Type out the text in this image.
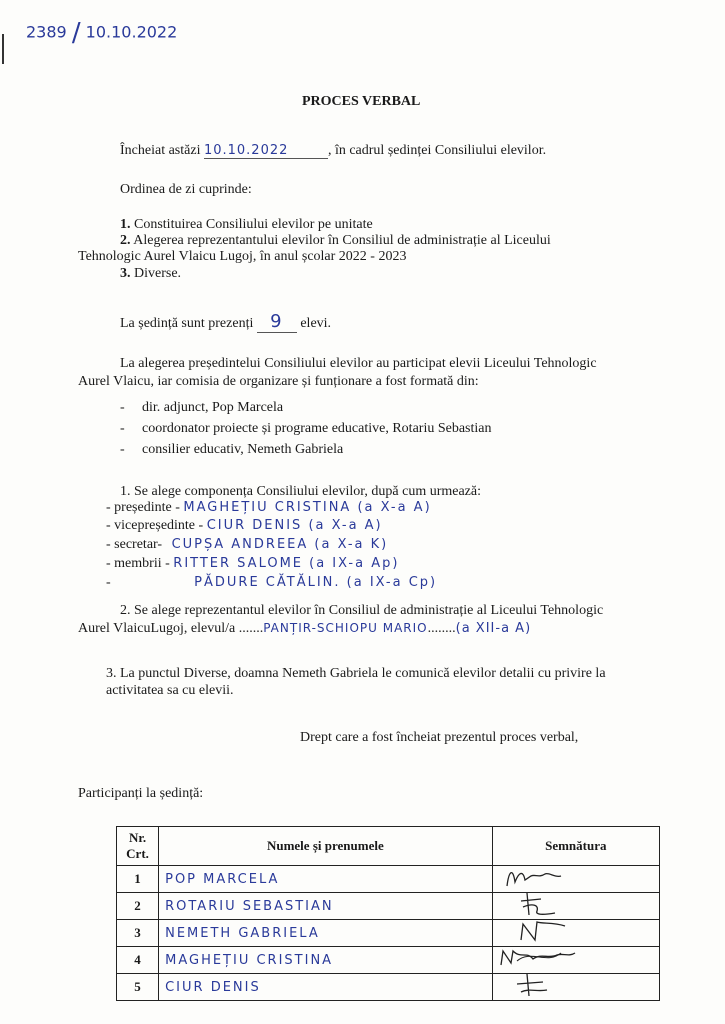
2389 / 10.10.2022
PROCES VERBAL
Încheiat astăzi 10.10.2022	, în cadrul ședinței Consiliului elevilor.
Ordinea de zi cuprinde:
1. Constituirea Consiliului elevilor pe unitate
2. Alegerea reprezentantului elevilor în Consiliul de administrație al Liceului
Tehnologic Aurel Vlaicu Lugoj, în anul școlar 2022 - 2023
3. Diverse.
La ședință sunt prezenți 9 elevi.
La alegerea președintelui Consiliului elevilor au participat elevii Liceului Tehnologic
Aurel Vlaicu, iar comisia de organizare și funționare a fost formată din:
- dir. adjunct, Pop Marcela
- coordonator proiecte și programe educative, Rotariu Sebastian
- consilier educativ, Nemeth Gabriela
1. Se alege componența Consiliului elevilor, după cum urmează:
- președinte - MAGHEȚIU CRISTINA (a X-a A)
- vicepreședinte - CIUR DENIS (a X-a A)
- secretar- CUPȘA ANDREEA (a X-a K)
- membrii - RITTER SALOME (a IX-a Ap)
-	PĂDURE CĂTĂLIN. (a IX-a Cp)
2. Se alege reprezentantul elevilor în Consiliul de administrație al Liceului Tehnologic
Aurel VlaicuLugoj, elevul/a .......PANȚIR-SCHIOPU MARIO........(a XII-a A)
3. La punctul Diverse, doamna Nemeth Gabriela le comunică elevilor detalii cu privire la
activitatea sa cu elevii.
Drept care a fost încheiat prezentul proces verbal,
Participanți la ședință:
Nr. Crt.	Numele și prenumele	Semnătura
1	POP MARCELA	

2	ROTARIU SEBASTIAN	

3	NEMETH GABRIELA	

4	MAGHEȚIU CRISTINA	

5	CIUR DENIS	
